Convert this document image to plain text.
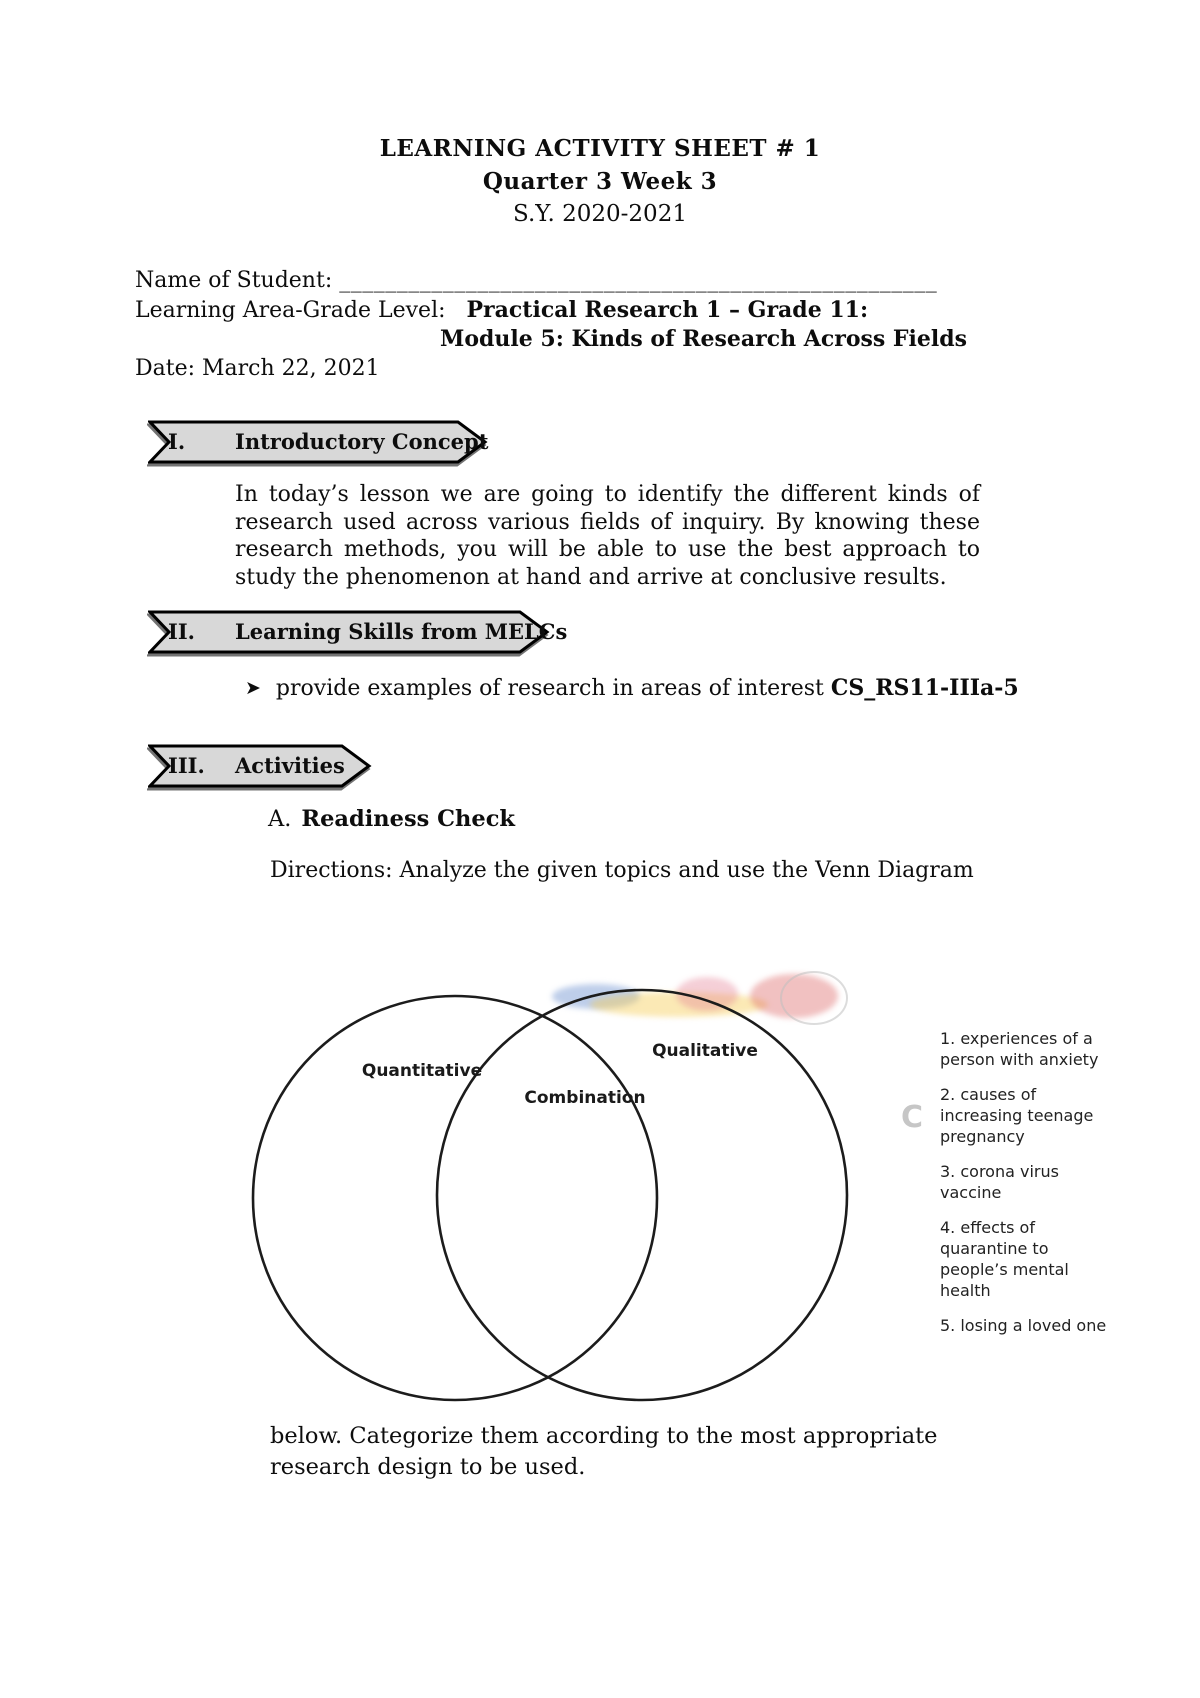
LEARNING ACTIVITY SHEET # 1
Quarter 3 Week 3
S.Y. 2020-2021
Name of Student: ____________________________________________________
Learning Area-Grade Level: Practical Research 1 – Grade 11:
Module 5: Kinds of Research Across Fields
Date: March 22, 2021
I. Introductory Concept
In today’s lesson we are going to identify the different kinds of research used across various fields of inquiry. By knowing these research methods, you will be able to use the best approach to study the phenomenon at hand and arrive at conclusive results.
II. Learning Skills from MELCs
➤ provide examples of research in areas of interest CS_RS11-IIIa-5
III. Activities
A. Readiness Check
Directions: Analyze the given topics and use the Venn Diagram
Quantitative
Qualitative
Combination
C
1. experiences of a person with anxiety
2. causes of increasing teenage pregnancy
3. corona virus vaccine
4. effects of quarantine to people’s mental health
5. losing a loved one
below. Categorize them according to the most appropriate research design to be used.
